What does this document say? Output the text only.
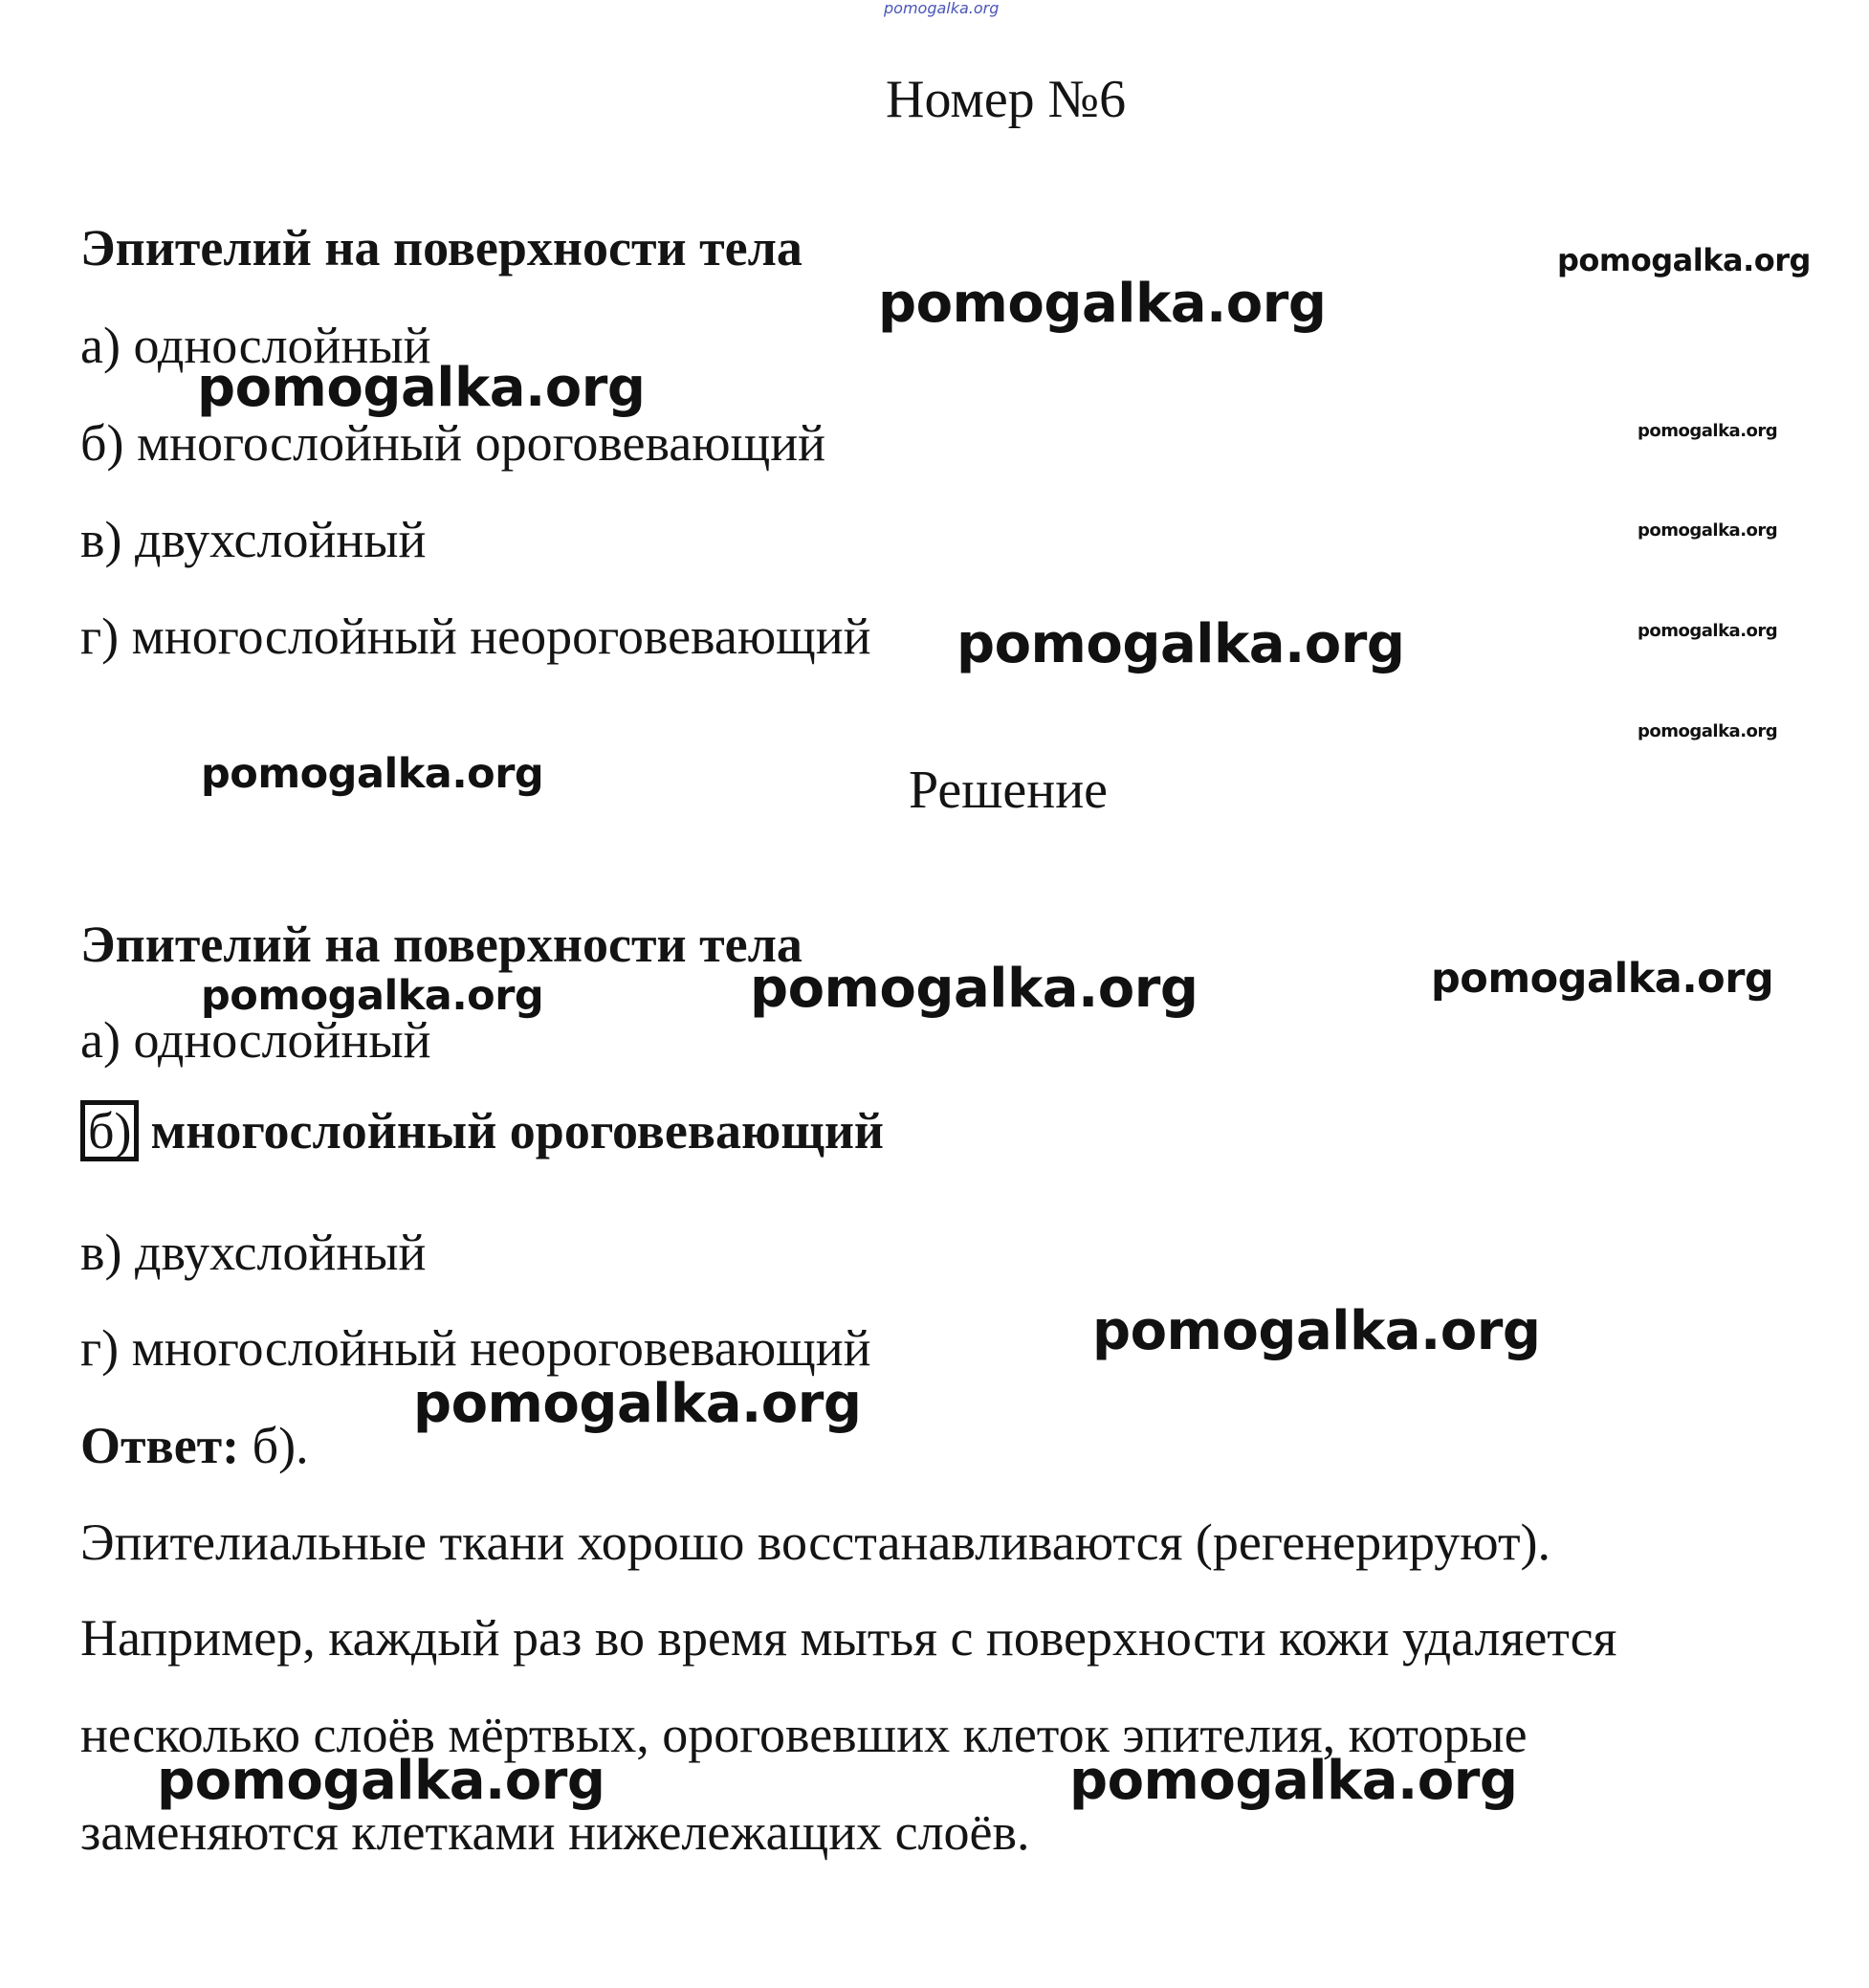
pomogalka.org
Номер №6
Эпителий на поверхности тела
а) однослойный
б) многослойный ороговевающий
в) двухслойный
г) многослойный неороговевающий
Решение
Эпителий на поверхности тела
а) однослойный
б) многослойный ороговевающий
в) двухслойный
г) многослойный неороговевающий
Ответ: б).
Эпителиальные ткани хорошо восстанавливаются (регенерируют).
Например, каждый раз во время мытья с поверхности кожи удаляется
несколько слоёв мёртвых, ороговевших клеток эпителия, которые
заменяются клетками нижележащих слоёв.
pomogalka.org
pomogalka.org
pomogalka.org
pomogalka.org
pomogalka.org
pomogalka.org	pomogalka.org
pomogalka.org
pomogalka.org
pomogalka.org	pomogalka.org	pomogalka.org
pomogalka.org
pomogalka.org
pomogalka.org	pomogalka.org
